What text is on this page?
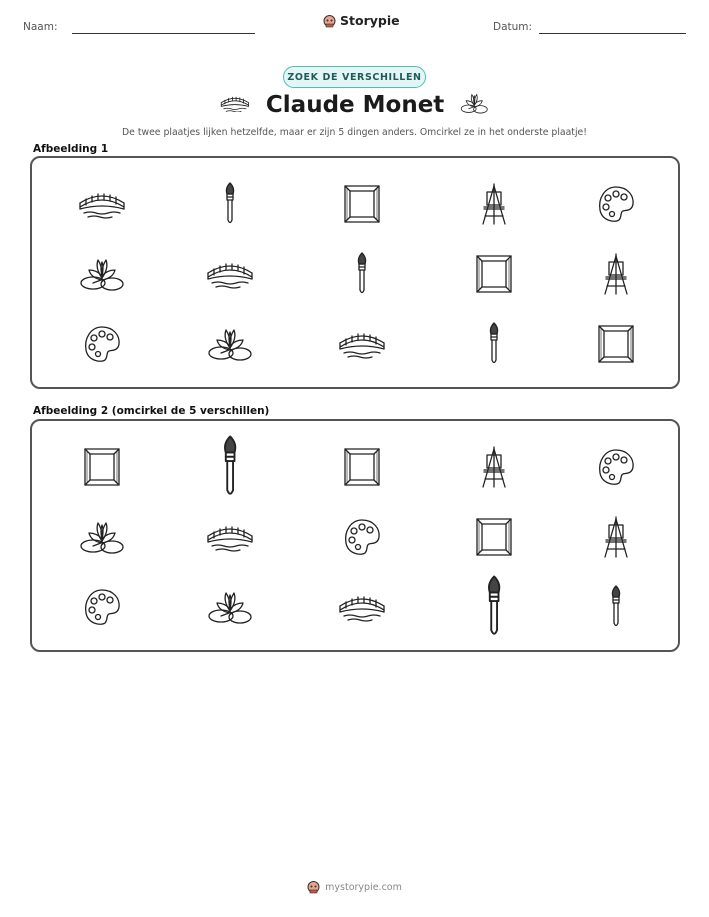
Naam:	Storypie	Datum:
ZOEK DE VERSCHILLEN
Claude Monet
De twee plaatjes lijken hetzelfde, maar er zijn 5 dingen anders. Omcirkel ze in het onderste plaatje!
Afbeelding 1
Afbeelding 2 (omcirkel de 5 verschillen)
mystorypie.com
